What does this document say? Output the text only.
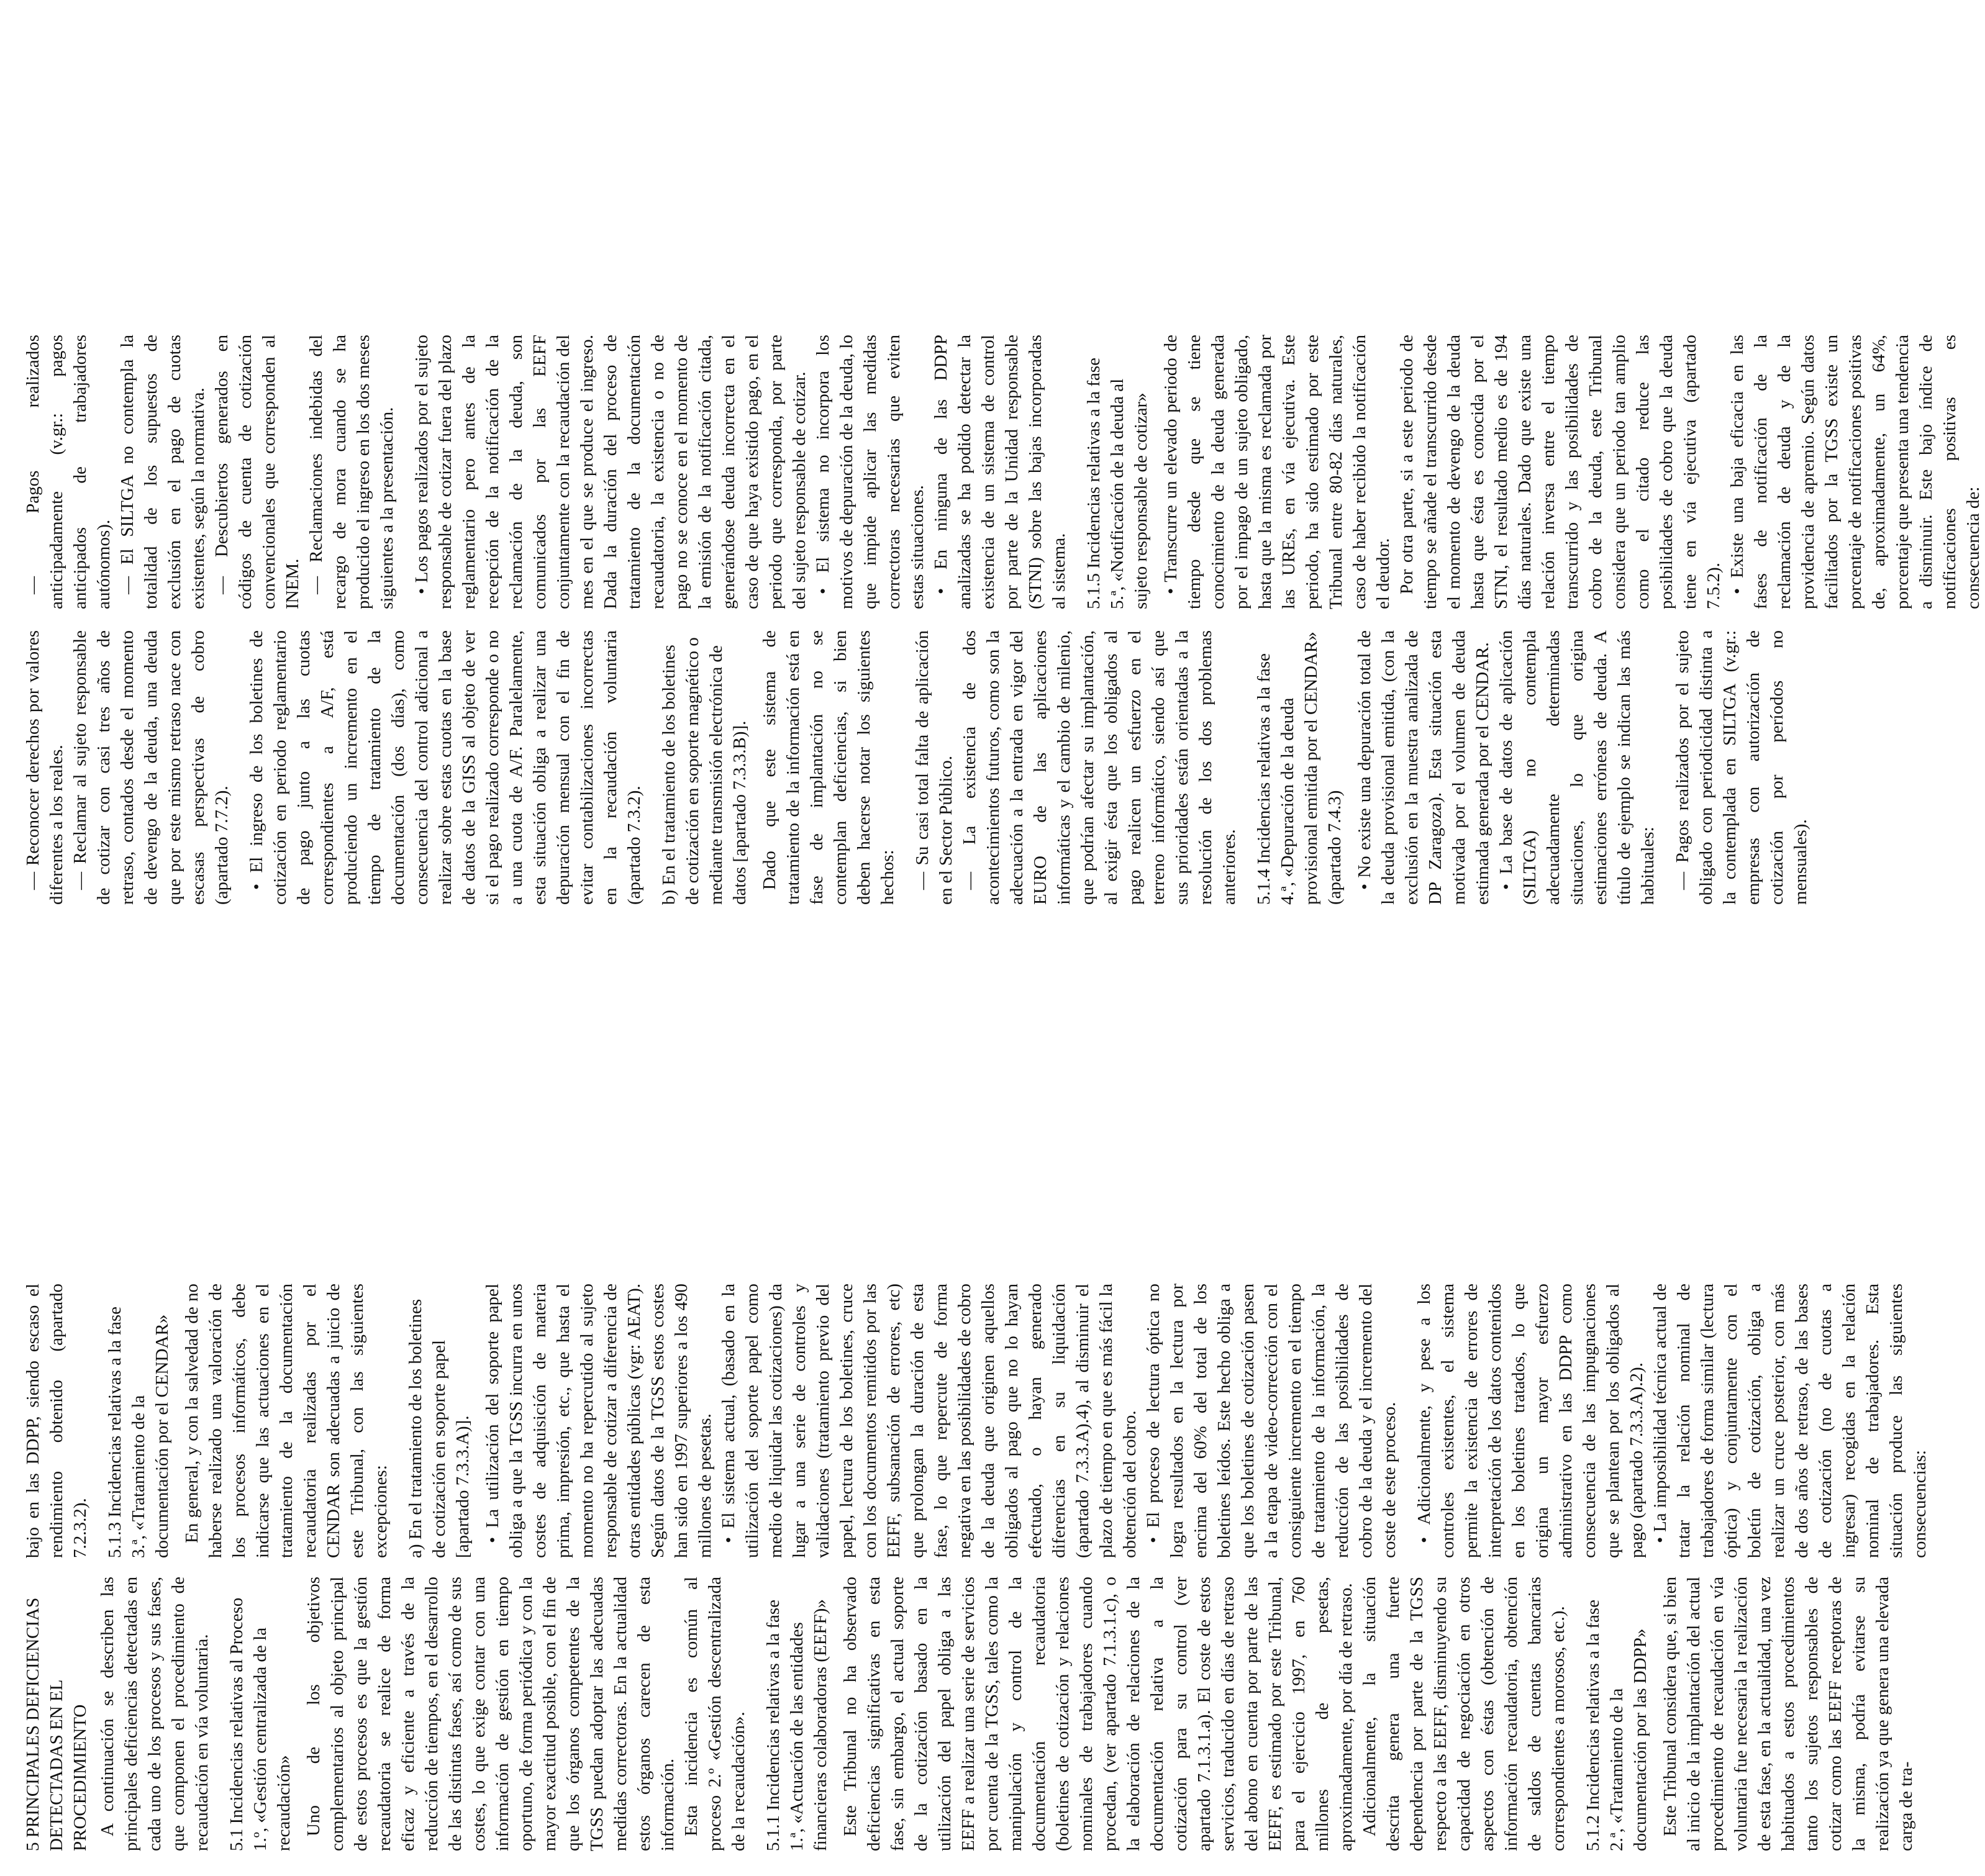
5 PRINCIPALES DEFICIENCIAS DETECTADAS EN EL PROCEDIMIENTO A continuación se describen las principales deficiencias detectadas en cada uno de los procesos y sus fases, que componen el procedimiento de recaudación en vía voluntaria. 5.1 Incidencias relativas al Proceso 1.º, «Gestión centralizada de la recaudación» Uno de los objetivos complementarios al objeto principal de estos procesos es que la gestión recaudatoria se realice de forma eficaz y eficiente a través de la reducción de tiempos, en el desarrollo de las distintas fases, así como de sus costes, lo que exige contar con una información de gestión en tiempo oportuno, de forma periódica y con la mayor exactitud posible, con el fin de que los órganos competentes de la TGSS puedan adoptar las adecuadas medidas correctoras. En la actualidad estos órganos carecen de esta información. Esta incidencia es común al proceso 2.º «Gestión descentralizada de la recaudación». 5.1.1 Incidencias relativas a la fase 1.ª, «Actuación de las entidades financieras colaboradoras (EEFF)» Este Tribunal no ha observado deficiencias significativas en esta fase, sin embargo, el actual soporte de la cotización basado en la utilización del papel obliga a las EEFF a realizar una serie de servicios por cuenta de la TGSS, tales como la manipulación y control de la documentación recaudatoria (boletines de cotización y relaciones nominales de trabajadores cuando procedan, (ver apartado 7.1.3.1.c), o la elaboración de relaciones de la documentación relativa a la cotización para su control (ver apartado 7.1.3.1.a). El coste de estos servicios, traducido en días de retraso del abono en cuenta por parte de las EEFF, es estimado por este Tribunal, para el ejercicio 1997, en 760 millones de pesetas, aproximadamente, por día de retraso. Adicionalmente, la situación descrita genera una fuerte dependencia por parte de la TGSS respecto a las EEFF, disminuyendo su capacidad de negociación en otros aspectos con éstas (obtención de información recaudatoria, obtención de saldos de cuentas bancarias correspondientes a morosos, etc.). 5.1.2 Incidencias relativas a la fase 2.ª, «Tratamiento de la documentación por las DDPP» Este Tribunal considera que, si bien al inicio de la implantación del actual procedimiento de recaudación en vía voluntaria fue necesaria la realización de esta fase, en la actualidad, una vez habituados a estos procedimientos tanto los sujetos responsables de cotizar como las EEFF receptoras de la misma, podría evitarse su realización ya que genera una elevada carga de tra-

bajo en las DDPP, siendo escaso el rendimiento obtenido (apartado 7.2.3.2). 5.1.3 Incidencias relativas a la fase 3.ª, «Tratamiento de la documentación por el CENDAR» En general, y con la salvedad de no haberse realizado una valoración de los procesos informáticos, debe indicarse que las actuaciones en el tratamiento de la documentación recaudatoria realizadas por el CENDAR son adecuadas a juicio de este Tribunal, con las siguientes excepciones: a) En el tratamiento de los boletines de cotización en soporte papel [apartado 7.3.3.A)]. • La utilización del soporte papel obliga a que la TGSS incurra en unos costes de adquisición de materia prima, impresión, etc., que hasta el momento no ha repercutido al sujeto responsable de cotizar a diferencia de otras entidades públicas (vgr: AEAT). Según datos de la TGSS estos costes han sido en 1997 superiores a los 490 millones de pesetas. • El sistema actual, (basado en la utilización del soporte papel como medio de liquidar las cotizaciones) da lugar a una serie de controles y validaciones (tratamiento previo del papel, lectura de los boletines, cruce con los documentos remitidos por las EEFF, subsanación de errores, etc) que prolongan la duración de esta fase, lo que repercute de forma negativa en las posibilidades de cobro de la deuda que originen aquellos obligados al pago que no lo hayan efectuado, o hayan generado diferencias en su liquidación (apartado 7.3.3.A).4), al disminuir el plazo de tiempo en que es más fácil la obtención del cobro. • El proceso de lectura óptica no logra resultados en la lectura por encima del 60% del total de los boletines leídos. Este hecho obliga a que los boletines de cotización pasen a la etapa de video-corrección con el consiguiente incremento en el tiempo de tratamiento de la información, la reducción de las posibilidades de cobro de la deuda y el incremento del coste de este proceso. • Adicionalmente, y pese a los controles existentes, el sistema permite la existencia de errores de interpretación de los datos contenidos en los boletines tratados, lo que origina un mayor esfuerzo administrativo en las DDPP como consecuencia de las impugnaciones que se plantean por los obligados al pago (apartado 7.3.3.A).2). • La imposibilidad técnica actual de tratar la relación nominal de trabajadores de forma similar (lectura óptica) y conjuntamente con el boletín de cotización, obliga a realizar un cruce posterior, con más de dos años de retraso, de las bases de cotización (no de cuotas a ingresar) recogidas en la relación nominal de trabajadores. Esta situación produce las siguientes consecuencias:

— Reconocer derechos por valores diferentes a los reales. — Reclamar al sujeto responsable de cotizar con casi tres años de retraso, contados desde el momento de devengo de la deuda, una deuda que por este mismo retraso nace con escasas perspectivas de cobro (apartado 7.7.2). • El ingreso de los boletines de cotización en periodo reglamentario de pago junto a las cuotas correspondientes a A/F, está produciendo un incremento en el tiempo de tratamiento de la documentación (dos días), como consecuencia del control adicional a realizar sobre estas cuotas en la base de datos de la GISS al objeto de ver si el pago realizado corresponde o no a una cuota de A/F. Paralelamente, esta situación obliga a realizar una depuración mensual con el fin de evitar contabilizaciones incorrectas en la recaudación voluntaria (apartado 7.3.2). b) En el tratamiento de los boletines de cotización en soporte magnético o mediante transmisión electrónica de datos [apartado 7.3.3.B)]. Dado que este sistema de tratamiento de la información está en fase de implantación no se contemplan deficiencias, si bien deben hacerse notar los siguientes hechos: — Su casi total falta de aplicación en el Sector Público. — La existencia de dos acontecimientos futuros, como son la adecuación a la entrada en vigor del EURO de las aplicaciones informáticas y el cambio de milenio, que podrían afectar su implantación, al exigir ésta que los obligados al pago realicen un esfuerzo en el terreno informático, siendo así que sus prioridades están orientadas a la resolución de los dos problemas anteriores. 5.1.4 Incidencias relativas a la fase 4.ª, «Depuración de la deuda provisional emitida por el CENDAR» (apartado 7.4.3) • No existe una depuración total de la deuda provisional emitida, (con la exclusión en la muestra analizada de DP Zaragoza). Esta situación esta motivada por el volumen de deuda estimada generada por el CENDAR. • La base de datos de aplicación (SILTGA) no contempla adecuadamente determinadas situaciones, lo que origina estimaciones erróneas de deuda. A título de ejemplo se indican las más habituales: — Pagos realizados por el sujeto obligado con periodicidad distinta a la contemplada en SILTGA (v.gr.: empresas con autorización de cotización por períodos no mensuales).

— Pagos realizados anticipadamente (v.gr.: pagos anticipados de trabajadores autónomos). — El SILTGA no contempla la totalidad de los supuestos de exclusión en el pago de cuotas existentes, según la normativa. — Descubiertos generados en códigos de cuenta de cotización convencionales que corresponden al INEM. — Reclamaciones indebidas del recargo de mora cuando se ha producido el ingreso en los dos meses siguientes a la presentación. • Los pagos realizados por el sujeto responsable de cotizar fuera del plazo reglamentario pero antes de la recepción de la notificación de la reclamación de la deuda, son comunicados por las EEFF conjuntamente con la recaudación del mes en el que se produce el ingreso. Dada la duración del proceso de tratamiento de la documentación recaudatoria, la existencia o no de pago no se conoce en el momento de la emisión de la notificación citada, generándose deuda incorrecta en el caso de que haya existido pago, en el periodo que corresponda, por parte del sujeto responsable de cotizar. • El sistema no incorpora los motivos de depuración de la deuda, lo que impide aplicar las medidas correctoras necesarias que eviten estas situaciones. • En ninguna de las DDPP analizadas se ha podido detectar la existencia de un sistema de control por parte de la Unidad responsable (STNI) sobre las bajas incorporadas al sistema. 5.1.5 Incidencias relativas a la fase 5.ª, «Notificación de la deuda al sujeto responsable de cotizar» • Transcurre un elevado periodo de tiempo desde que se tiene conocimiento de la deuda generada por el impago de un sujeto obligado, hasta que la misma es reclamada por las UREs, en vía ejecutiva. Este periodo, ha sido estimado por este Tribunal entre 80-82 días naturales, caso de haber recibido la notificación el deudor. Por otra parte, si a este periodo de tiempo se añade el transcurrido desde el momento de devengo de la deuda hasta que ésta es conocida por el STNI, el resultado medio es de 194 días naturales. Dado que existe una relación inversa entre el tiempo transcurrido y las posibilidades de cobro de la deuda, este Tribunal considera que un periodo tan amplio como el citado reduce las posibilidades de cobro que la deuda tiene en vía ejecutiva (apartado 7.5.2). • Existe una baja eficacia en las fases de notificación de la reclamación de deuda y de la providencia de apremio. Según datos facilitados por la TGSS existe un porcentaje de notificaciones positivas de, aproximadamente, un 64%, porcentaje que presenta una tendencia a disminuir. Este bajo índice de notificaciones positivas es consecuencia de:
